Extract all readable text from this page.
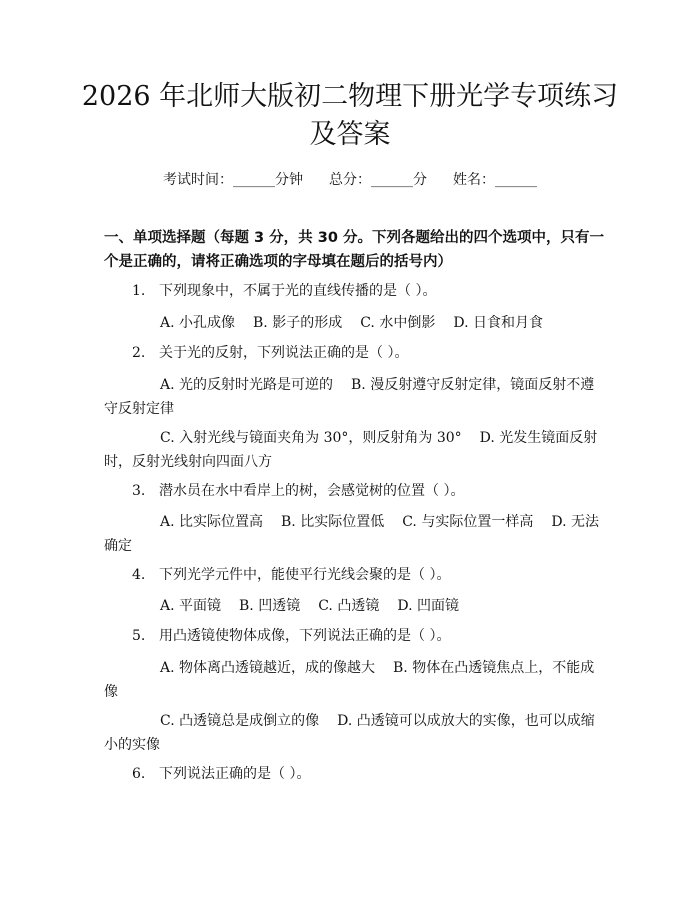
2026 年北师大版初二物理下册光学专项练习
及答案
考试时间：______分钟 总分：______分 姓名：______
一、单项选择题（每题 3 分，共 30 分。下列各题给出的四个选项中，只有一个是正确的，请将正确选项的字母填在题后的括号内）
1. 下列现象中，不属于光的直线传播的是（ ）。
A. 小孔成像 B. 影子的形成 C. 水中倒影 D. 日食和月食
2. 关于光的反射，下列说法正确的是（ ）。
A. 光的反射时光路是可逆的 B. 漫反射遵守反射定律，镜面反射不遵守反射定律
C. 入射光线与镜面夹角为 30°，则反射角为 30° D. 光发生镜面反射时，反射光线射向四面八方
3. 潜水员在水中看岸上的树，会感觉树的位置（ ）。
A. 比实际位置高 B. 比实际位置低 C. 与实际位置一样高 D. 无法确定
4. 下列光学元件中，能使平行光线会聚的是（ ）。
A. 平面镜 B. 凹透镜 C. 凸透镜 D. 凹面镜
5. 用凸透镜使物体成像，下列说法正确的是（ ）。
A. 物体离凸透镜越近，成的像越大 B. 物体在凸透镜焦点上，不能成像
C. 凸透镜总是成倒立的像 D. 凸透镜可以成放大的实像，也可以成缩小的实像
6. 下列说法正确的是（ ）。
